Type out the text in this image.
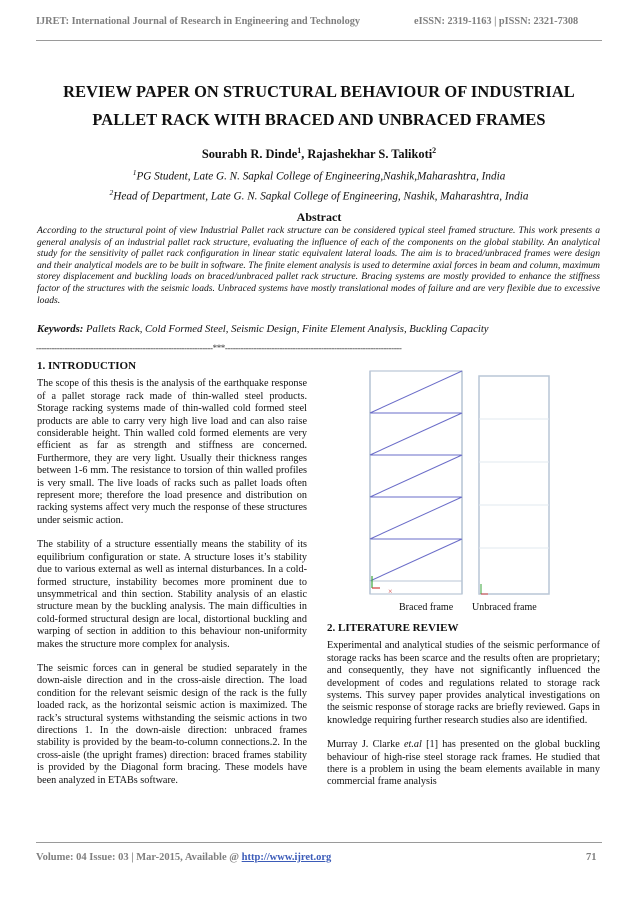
IJRET: International Journal of Research in Engineering and Technology	eISSN: 2319-1163 | pISSN: 2321-7308
REVIEW PAPER ON STRUCTURAL BEHAVIOUR OF INDUSTRIAL
PALLET RACK WITH BRACED AND UNBRACED FRAMES
Sourabh R. Dinde$^1$, Rajashekhar S. Talikoti$^2$
$^1$PG Student, Late G. N. Sapkal College of Engineering,Nashik,Maharashtra, India
$^2$Head of Department, Late G. N. Sapkal College of Engineering, Nashik, Maharashtra, India
Abstract
According to the structural point of view Industrial Pallet rack structure can be considered typical steel framed structure. This work presents a general analysis of an industrial pallet rack structure, evaluating the influence of each of the components on the global stability. An analytical study for the sensitivity of pallet rack configuration in linear static equivalent lateral loads. The aim is to braced/unbraced frames were design and their analytical models are to be built in software. The finite element analysis is used to determine axial forces in beam and column, maximum storey displacement and buckling loads on braced/unbraced pallet rack structure. Bracing systems are mostly provided to enhance the stiffness factor of the structures with the seismic loads. Unbraced systems have mostly translational modes of failure and are very flexible due to excessive loads.
Keywords: Pallets Rack, Cold Formed Steel, Seismic Design, Finite Element Analysis, Buckling Capacity
--------------------------------------------------------------------***--------------------------------------------------------------------
1. INTRODUCTION

The scope of this thesis is the analysis of the earthquake response of a pallet storage rack made of thin-walled steel products. Storage racking systems made of thin-walled cold formed steel products are able to carry very high live load and can also raise considerable height. Thin walled cold formed elements are very efficient as far as strength and stiffness are concerned. Furthermore, they are very light. Usually their thickness ranges between 1-6 mm. The resistance to torsion of thin walled profiles is very small. The live loads of racks such as pallet loads often represent more; therefore the load presence and distribution on racking systems affect very much the response of these structures under seismic action.

The stability of a structure essentially means the stability of its equilibrium configuration or state. A structure loses it’s stability due to various external as well as internal disturbances. In a cold-formed structure, instability becomes more prominent due to unsymmetrical and thin section. Stability analysis of an elastic structure mean by the buckling analysis. The main difficulties in cold-formed structural design are local, distortional buckling and warping of section in addition to this behaviour non-uniformity makes the structure more complex for analysis.

The seismic forces can in general be studied separately in the down-aisle direction and in the cross-aisle direction. The load condition for the relevant seismic design of the rack is the fully loaded rack, as the horizontal seismic action is maximized. The rack’s structural systems withstanding the seismic actions in two directions 1. In the down-aisle direction: unbraced frames stability is provided by the beam-to-column connections.2. In the cross-aisle (the upright frames) direction: braced frames stability is provided by the Diagonal form bracing. These models have been analyzed in ETABs software.

×
Braced frame Unbraced frame
2. LITERATURE REVIEW

Experimental and analytical studies of the seismic performance of storage racks has been scarce and the results often are proprietary; and consequently, they have not significantly influenced the development of codes and regulations related to storage rack systems. This survey paper provides analytical investigations on the seismic response of storage racks are briefly reviewed. Gaps in knowledge requiring further research studies also are identified.

Murray J. Clarke et.al [1] has presented on the global buckling behaviour of high-rise steel storage rack frames. He studied that there is a problem in using the beam elements available in many commercial frame analysis

Volume: 04 Issue: 03 | Mar-2015, Available @ http://www.ijret.org	71
